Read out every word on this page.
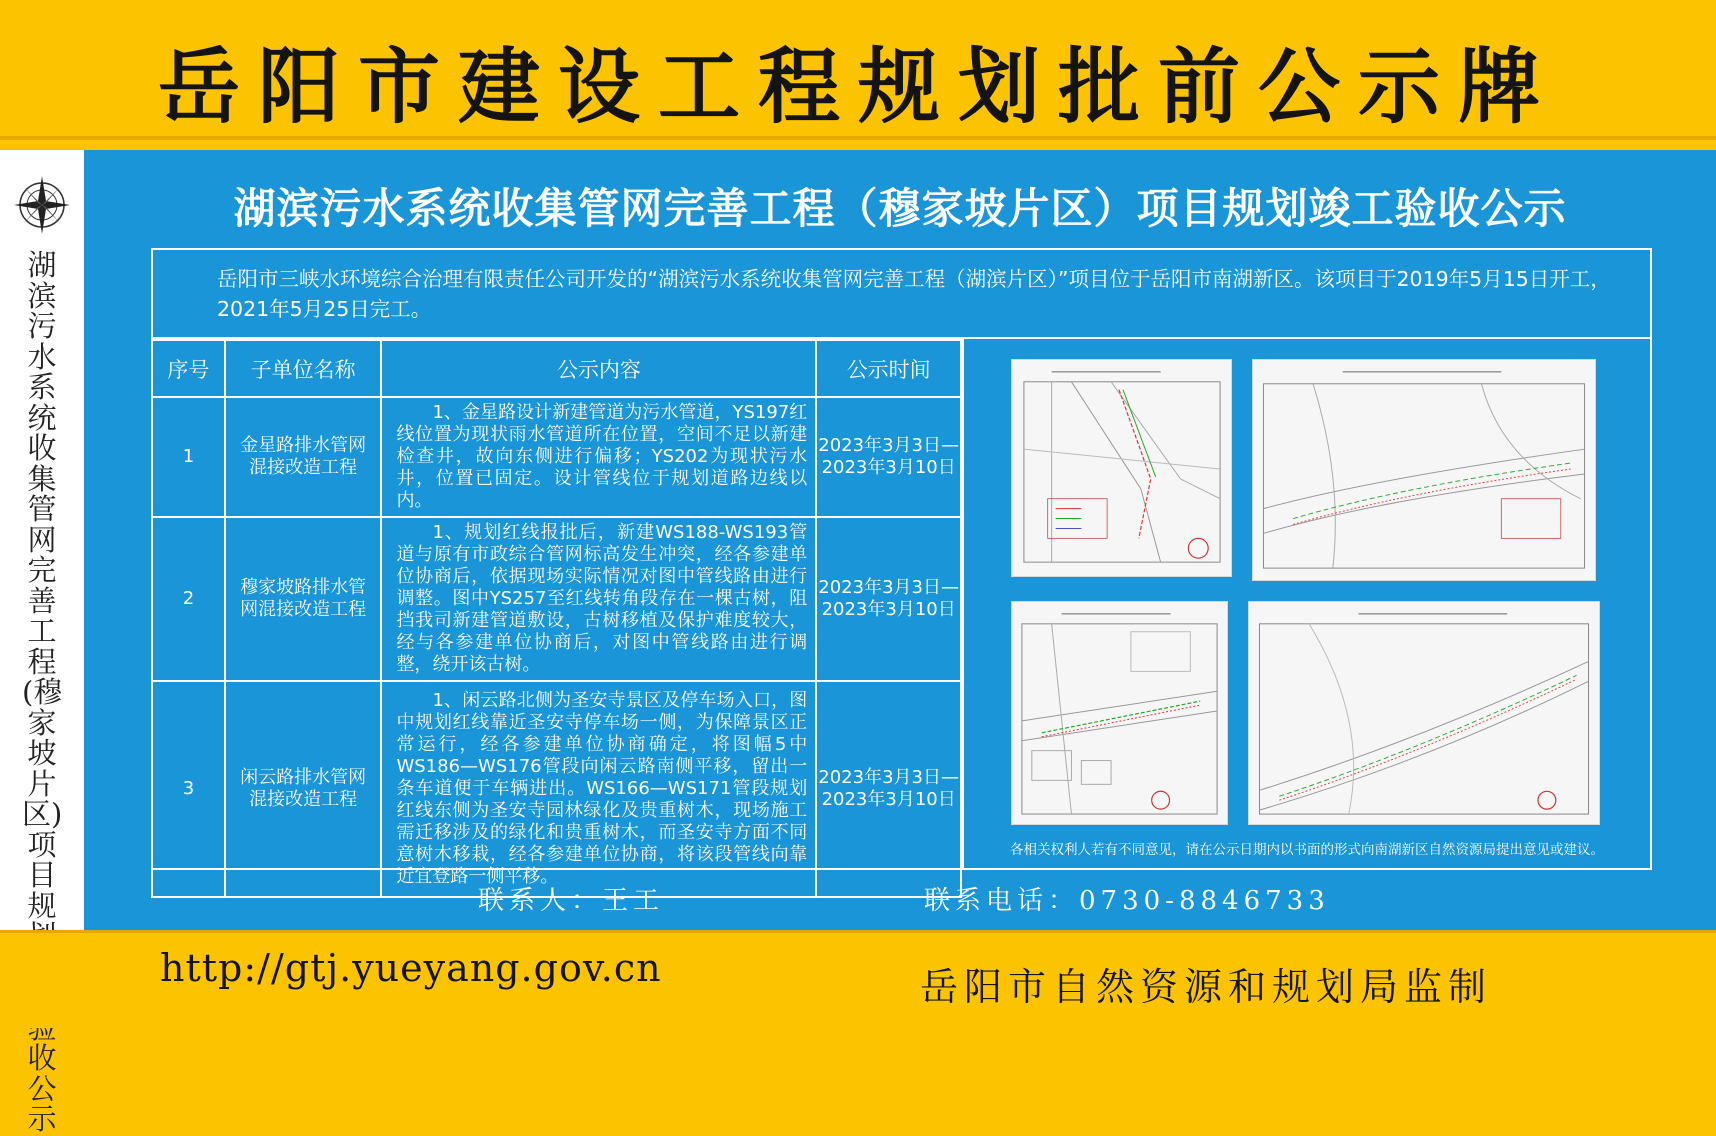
岳阳市建设工程规划批前公示牌
湖滨污水系统收集管网完善工程(穆家坡片区)项目规 收公示
湖滨污水系统收集管网完善工程（穆家坡片区）项目规划竣工验收公示
岳阳市三峡水环境综合治理有限责任公司开发的“湖滨污水系统收集管网完善工程（湖滨片区）”项目位于岳阳市南湖新区。该项目于2019年5月15日开工，2021年5月25日完工。
序号	子单位名称	公示内容	公示时间
1	金星路排水管网混接改造工程	1、金星路设计新建管道为污水管道，YS197红线位置为现状雨水管道所在位置，空间不足以新建检查井，故向东侧进行偏移；YS202为现状污水井，位置已固定。设计管线位于规划道路边线以内。	2023年3月3日—2023年3月10日
2	穆家坡路排水管网混接改造工程	1、规划红线报批后，新建WS188-WS193管道与原有市政综合管网标高发生冲突，经各参建单位协商后，依据现场实际情况对图中管线路由进行调整。图中YS257至红线转角段存在一棵古树，阻挡我司新建管道敷设，古树移植及保护难度较大，经与各参建单位协商后，对图中管线路由进行调整，绕开该古树。	2023年3月3日—2023年3月10日
3	闲云路排水管网混接改造工程	1、闲云路北侧为圣安寺景区及停车场入口，图中规划红线靠近圣安寺停车场一侧，为保障景区正常运行，经各参建单位协商确定，将图幅5中WS186—WS176管段向闲云路南侧平移，留出一条车道便于车辆进出。WS166—WS171管段规划红线东侧为圣安寺园林绿化及贵重树木，现场施工需迁移涉及的绿化和贵重树木，而圣安寺方面不同意树木移栽，经各参建单位协商，将该段管线向靠近宜登路一侧平移。	2023年3月3日—2023年3月10日
各相关权利人若有不同意见，请在公示日期内以书面的形式向南湖新区自然资源局提出意见或建议。
联系人：王工	联系电话：0730-8846733
http://gtj.yueyang.gov.cn	岳阳市自然资源和规划局监制
